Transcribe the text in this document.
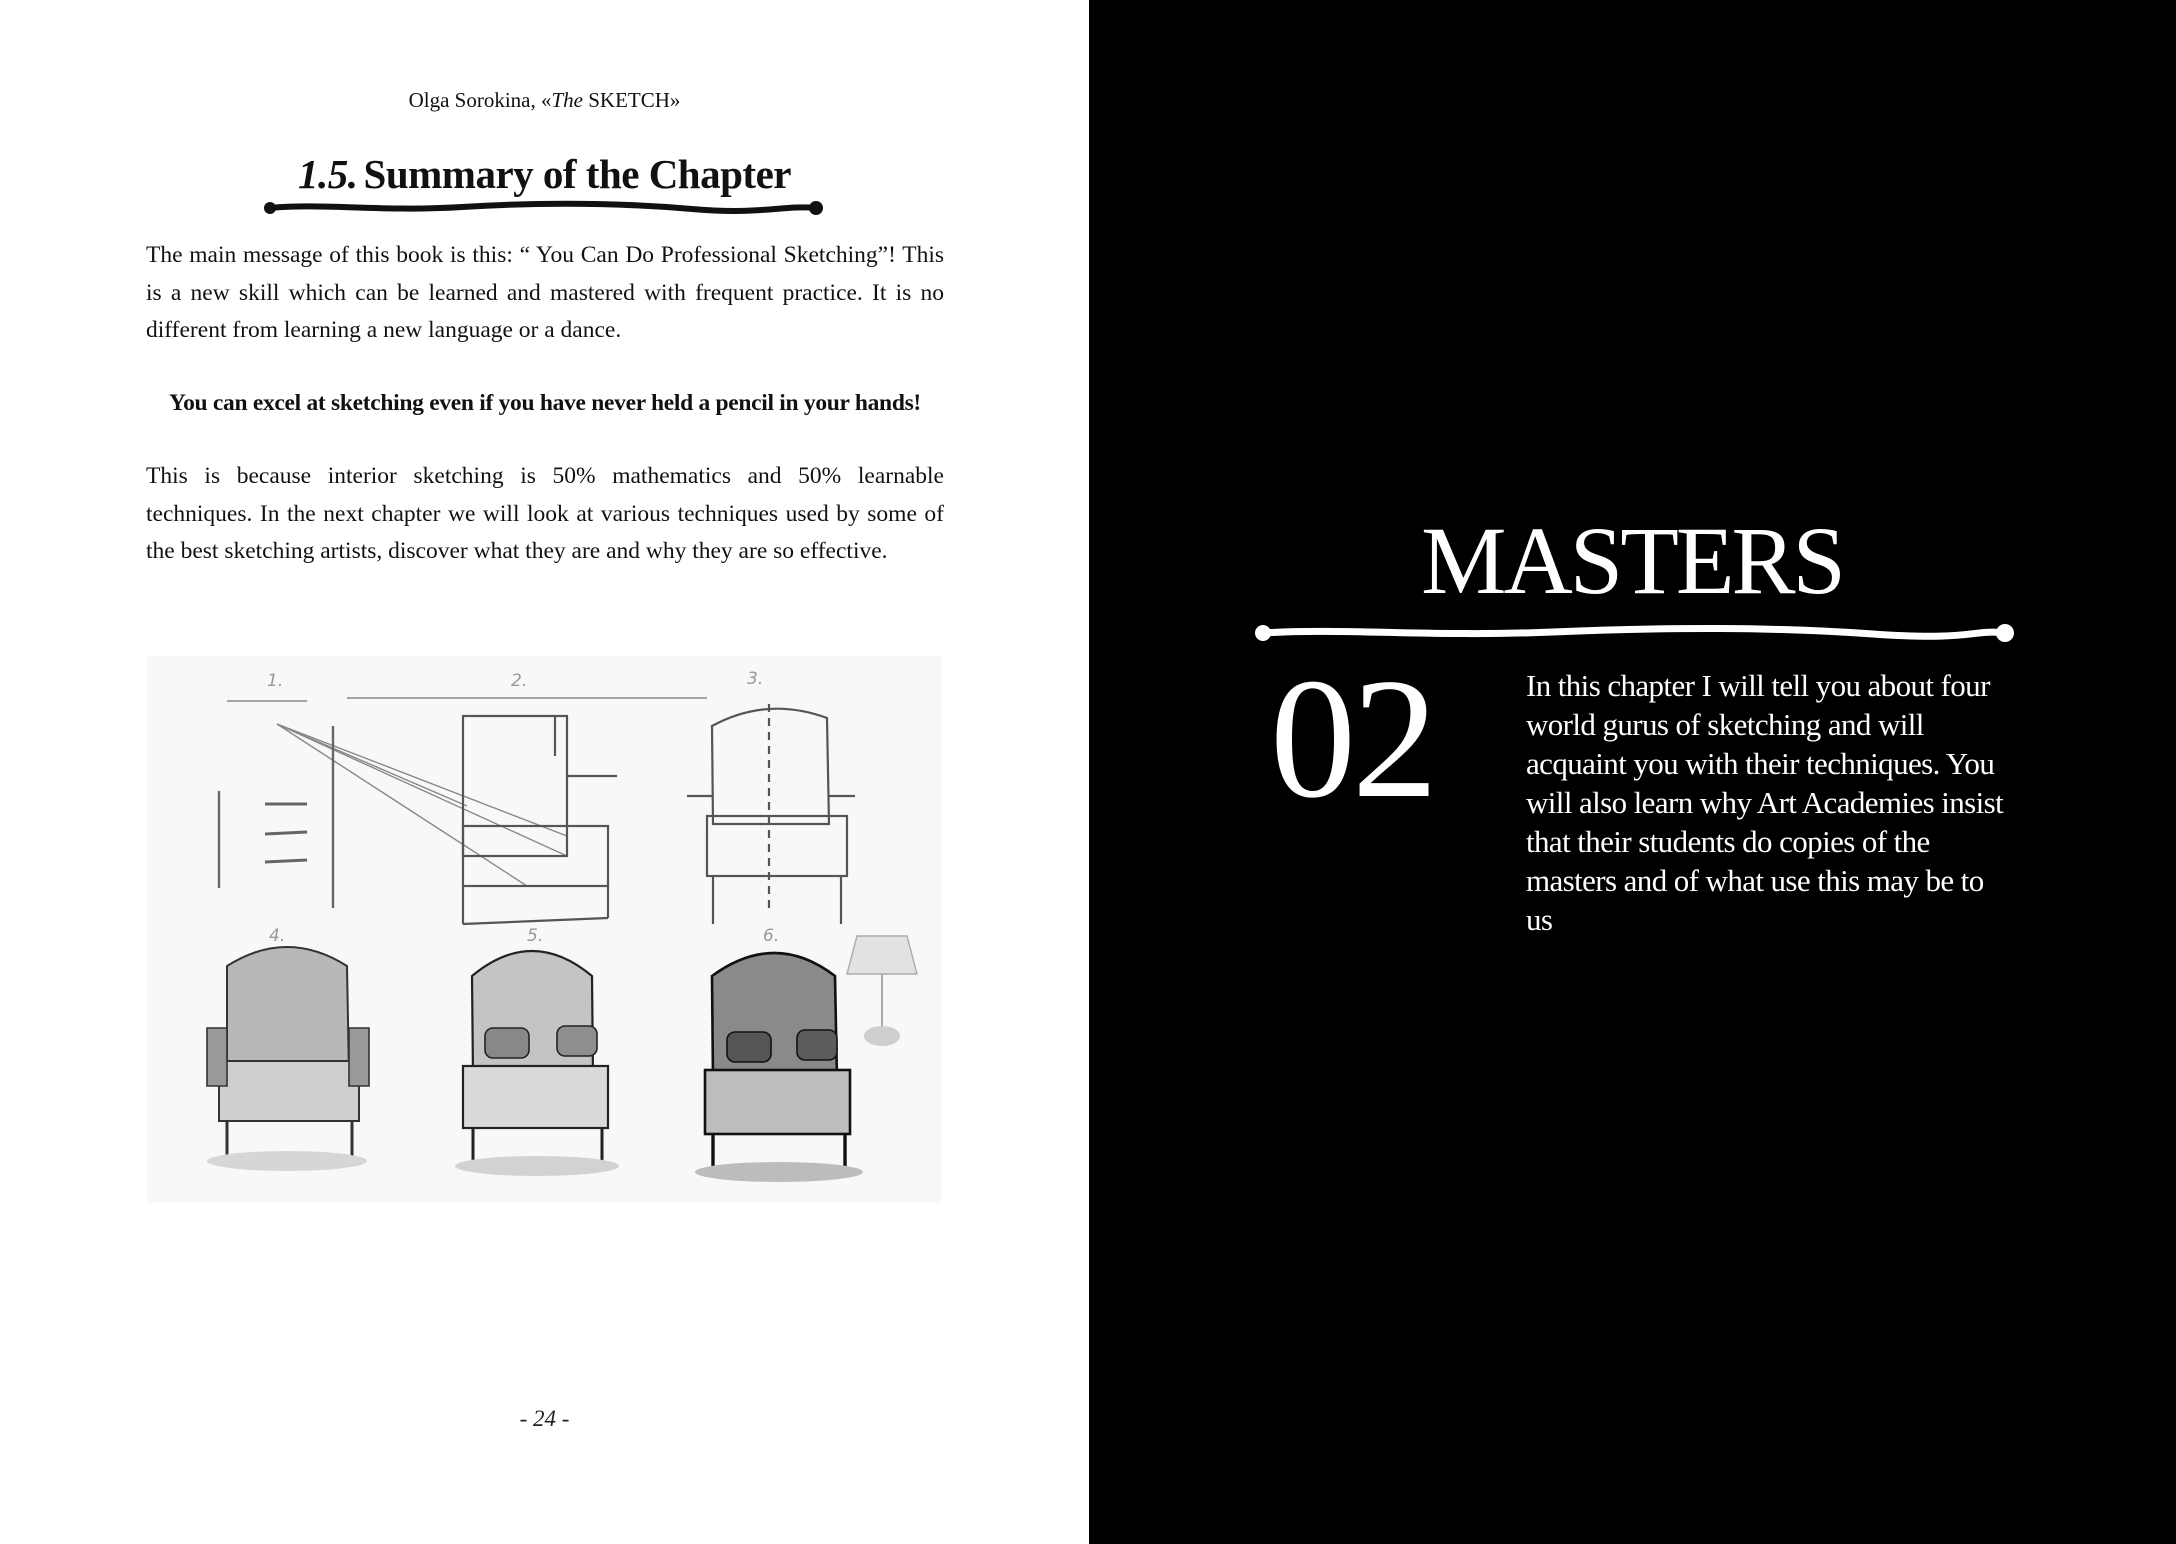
Olga Sorokina, «The SKETCH»
1.5. Summary of the Chapter
The main message of this book is this: “ You Can Do Professional Sketching”! This is a new skill which can be learned and mastered with frequent practice. It is no different from learning a new language or a dance.
You can excel at sketching even if you have never held a pencil in your hands!
This is because interior sketching is 50% mathematics and 50% learnable techniques. In the next chapter we will look at various techniques used by some of the best sketching artists, discover what they are and why they are so effective.
1.	2.	3.
4.	5.	6.
- 24 -
MASTERS
02	In this chapter I will tell you about four world gurus of sketching and will acquaint you with their techniques. You will also learn why Art Academies insist that their students do copies of the masters and of what use this may be to us
